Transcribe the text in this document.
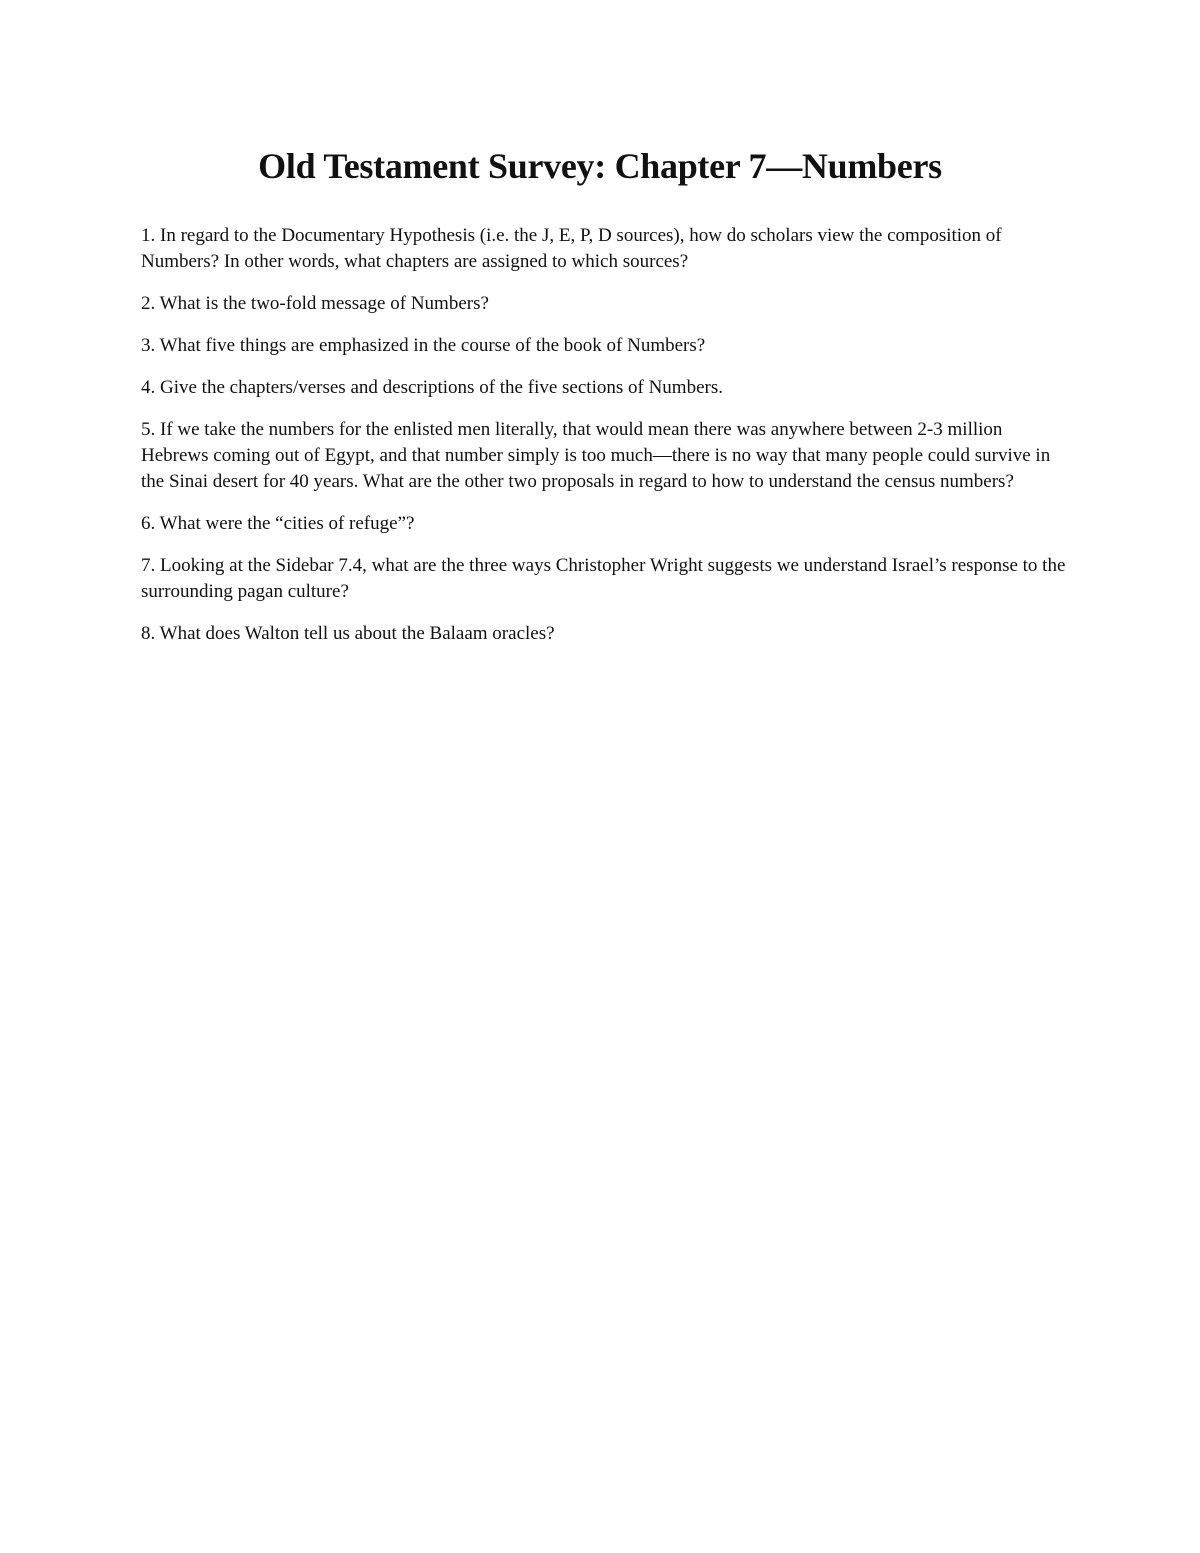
Old Testament Survey: Chapter 7—Numbers
1. In regard to the Documentary Hypothesis (i.e. the J, E, P, D sources), how do scholars view the composition of Numbers? In other words, what chapters are assigned to which sources?
2. What is the two-fold message of Numbers?
3. What five things are emphasized in the course of the book of Numbers?
4. Give the chapters/verses and descriptions of the five sections of Numbers.
5. If we take the numbers for the enlisted men literally, that would mean there was anywhere between 2-3 million Hebrews coming out of Egypt, and that number simply is too much—there is no way that many people could survive in the Sinai desert for 40 years. What are the other two proposals in regard to how to understand the census numbers?
6. What were the “cities of refuge”?
7. Looking at the Sidebar 7.4, what are the three ways Christopher Wright suggests we understand Israel’s response to the surrounding pagan culture?
8. What does Walton tell us about the Balaam oracles?
